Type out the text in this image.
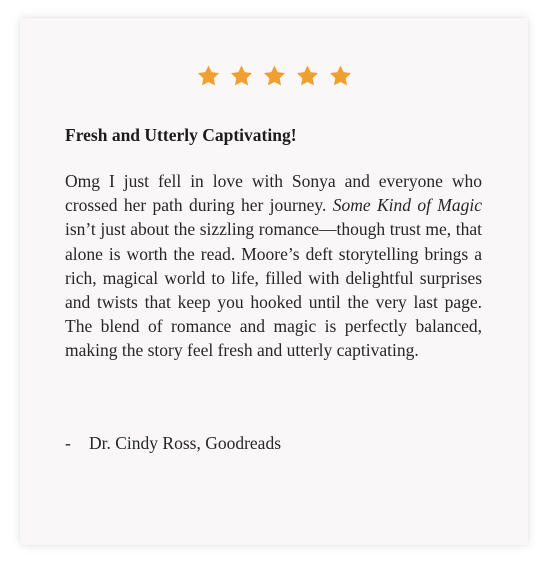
Fresh and Utterly Captivating!

Omg I just fell in love with Sonya and everyone who crossed her path during her journey. Some Kind of Magic isn’t just about the sizzling romance—though trust me, that alone is worth the read. Moore’s deft storytelling brings a rich, magical world to life, filled with delightful surprises and twists that keep you hooked until the very last page. The blend of romance and magic is perfectly balanced, making the story feel fresh and utterly captivating.

- Dr. Cindy Ross, Goodreads
